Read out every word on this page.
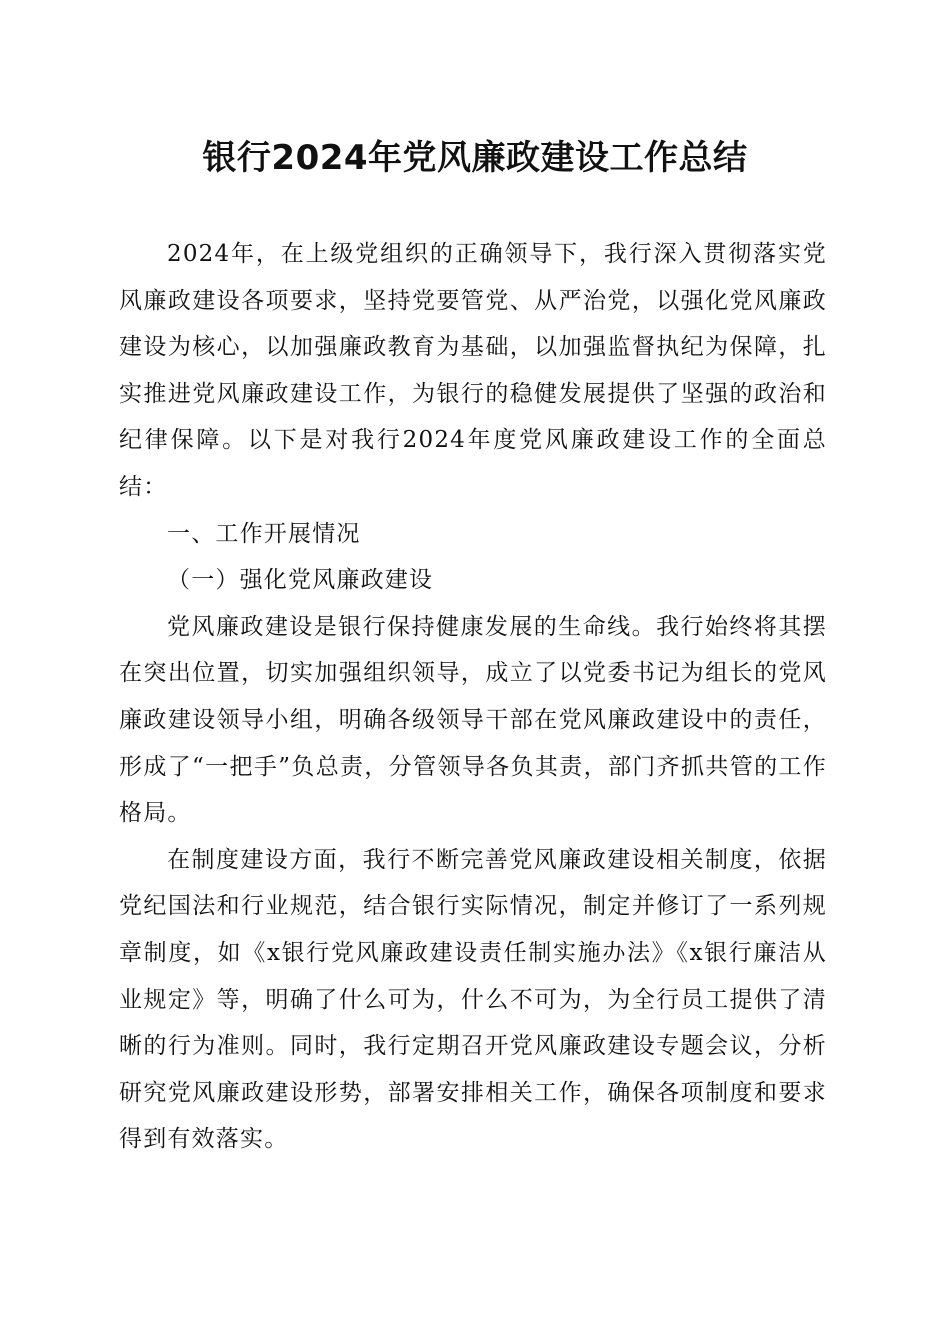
银行2024年党风廉政建设工作总结

2024年，在上级党组织的正确领导下，我行深入贯彻落实党风廉政建设各项要求，坚持党要管党、从严治党，以强化党风廉政建设为核心，以加强廉政教育为基础，以加强监督执纪为保障，扎实推进党风廉政建设工作，为银行的稳健发展提供了坚强的政治和纪律保障。以下是对我行2024年度党风廉政建设工作的全面总结：

一、工作开展情况

（一）强化党风廉政建设

党风廉政建设是银行保持健康发展的生命线。我行始终将其摆在突出位置，切实加强组织领导，成立了以党委书记为组长的党风廉政建设领导小组，明确各级领导干部在党风廉政建设中的责任，形成了“一把手”负总责，分管领导各负其责，部门齐抓共管的工作格局。

在制度建设方面，我行不断完善党风廉政建设相关制度，依据党纪国法和行业规范，结合银行实际情况，制定并修订了一系列规章制度，如《x银行党风廉政建设责任制实施办法》《x银行廉洁从业规定》等，明确了什么可为，什么不可为，为全行员工提供了清晰的行为准则。同时，我行定期召开党风廉政建设专题会议，分析研究党风廉政建设形势，部署安排相关工作，确保各项制度和要求得到有效落实。
